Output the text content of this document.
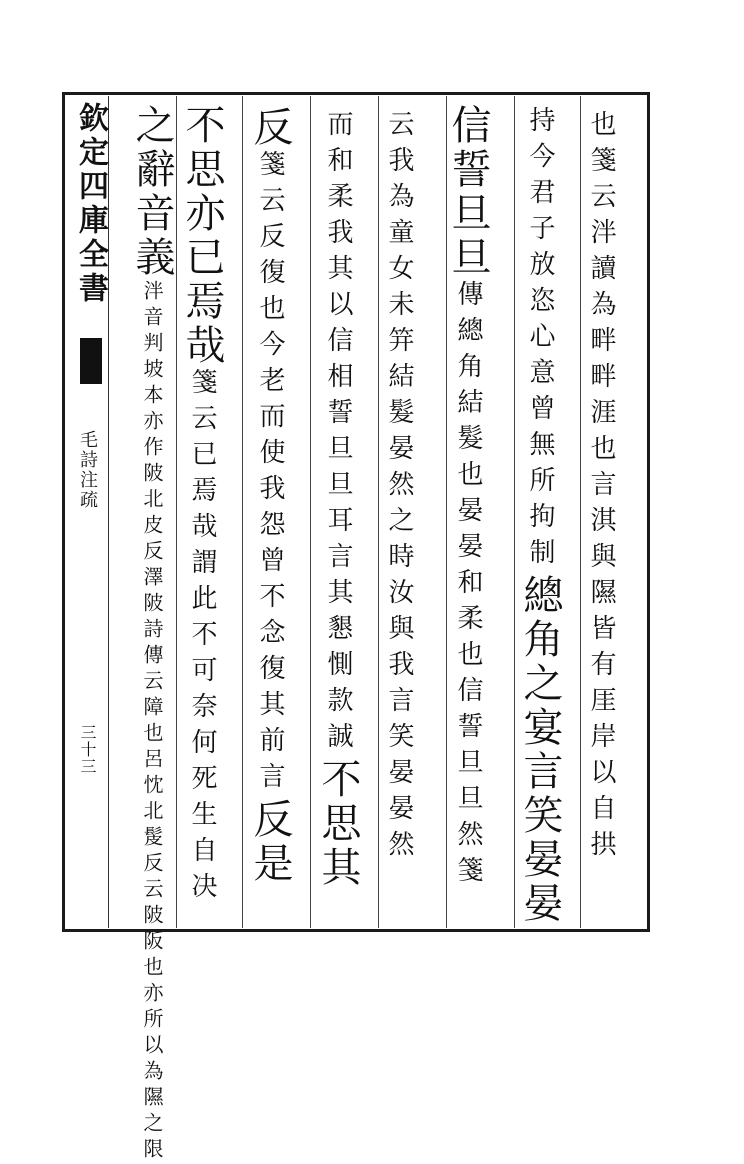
欽定四庫全書
毛詩注疏
三十三	也箋云泮讀為畔畔涯也言淇與隰皆有厓岸以自拱
持今君子放恣心意曾無所拘制總角之宴言笑晏晏
信誓旦旦傳總角結髮也晏晏和柔也信誓旦旦然箋
云我為童女未笄結髮晏然之時汝與我言笑晏晏然
而和柔我其以信相誓旦旦耳言其懇惻款誠不思其
反箋云反復也今老而使我怨曾不念復其前言反是
不思亦已焉哉箋云已焉哉謂此不可奈何死生自决
之辭音義泮音判坡本亦作陂北皮反澤陂詩傳云障也呂忱北髲反云陂阪也亦所以為隰之限
